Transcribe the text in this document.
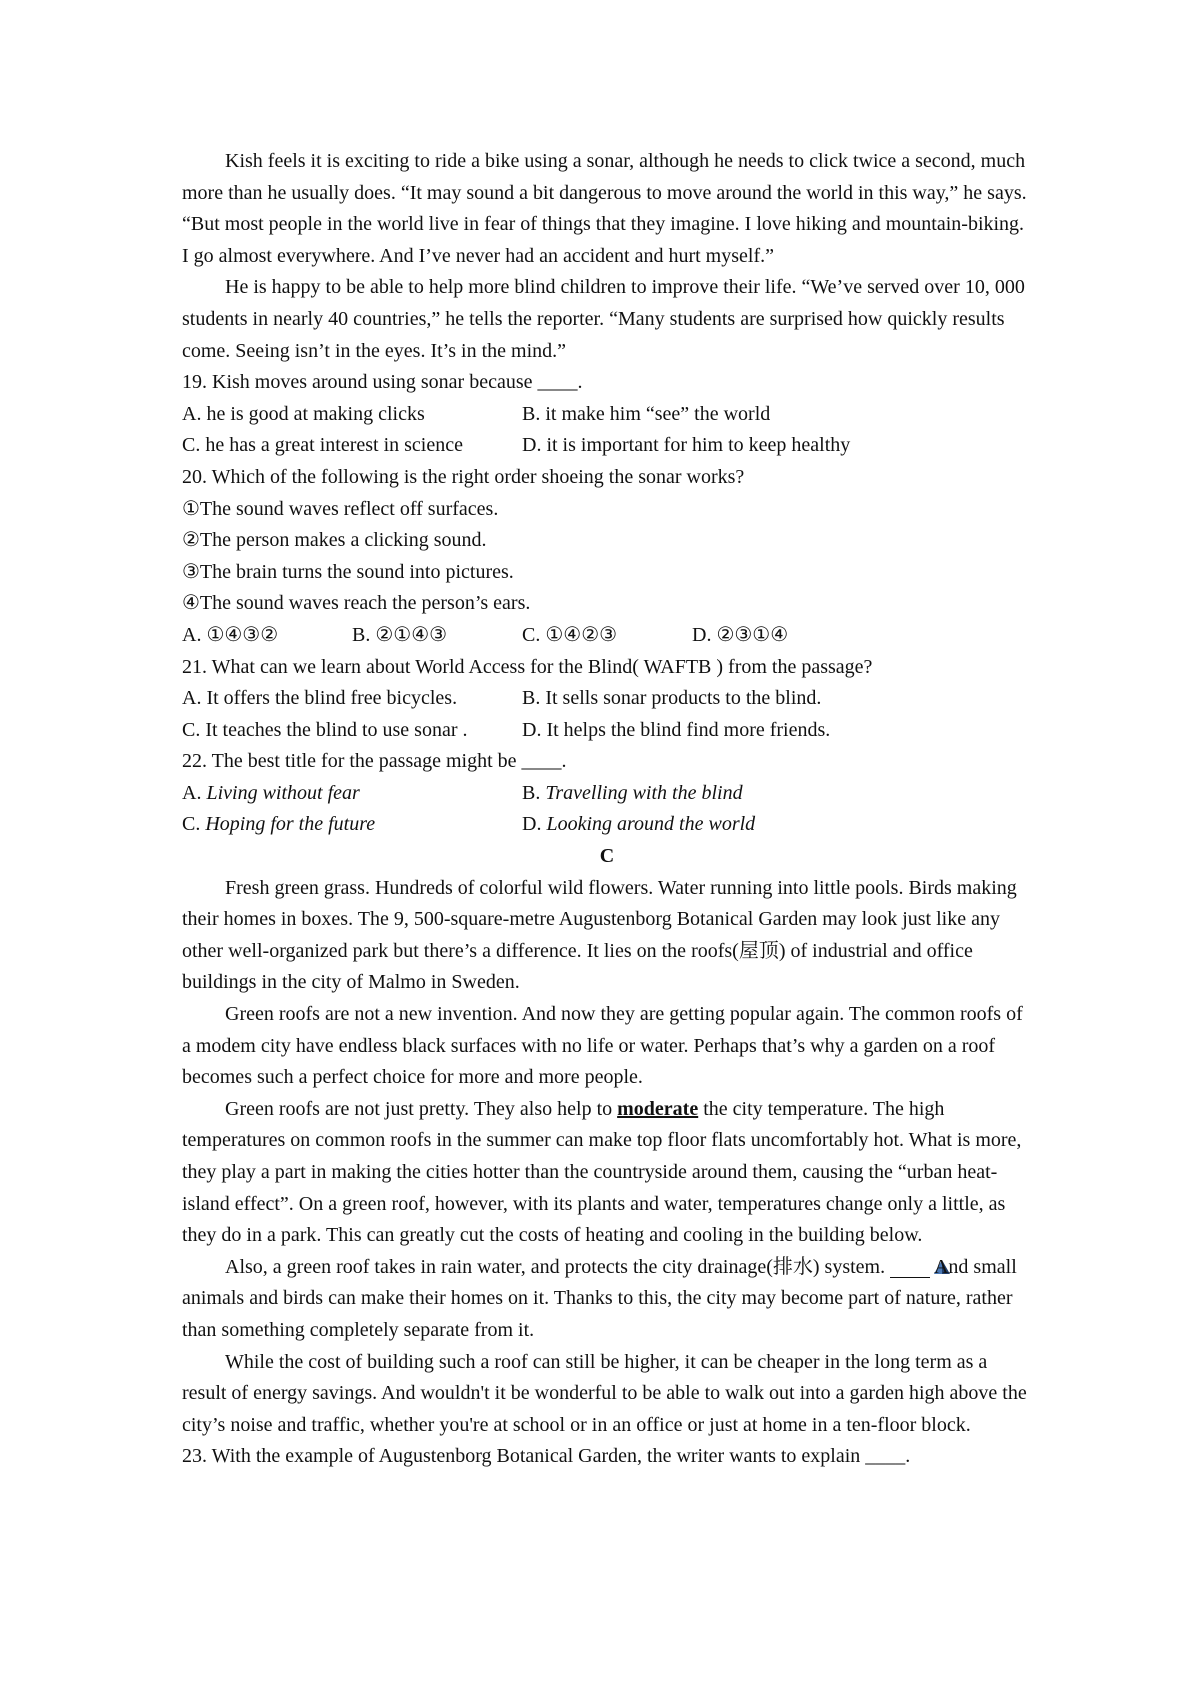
Kish feels it is exciting to ride a bike using a sonar, although he needs to click twice a second, much more than he usually does. “It may sound a bit dangerous to move around the world in this way,” he says. “But most people in the world live in fear of things that they imagine. I love hiking and mountain-biking. I go almost everywhere. And I’ve never had an accident and hurt myself.”

He is happy to be able to help more blind children to improve their life. “We’ve served over 10, 000 students in nearly 40 countries,” he tells the reporter. “Many students are surprised how quickly results come. Seeing isn’t in the eyes. It’s in the mind.”

19. Kish moves around using sonar because ____.

A. he is good at making clicks	B. it make him “see” the world
C. he has a great interest in science	D. it is important for him to keep healthy

20. Which of the following is the right order shoeing the sonar works?

①The sound waves reflect off surfaces.

②The person makes a clicking sound.

③The brain turns the sound into pictures.

④The sound waves reach the person’s ears.

A. ①④③②	B. ②①④③	C. ①④②③	D. ②③①④

21. What can we learn about World Access for the Blind( WAFTB ) from the passage?

A. It offers the blind free bicycles.	B. It sells sonar products to the blind.
C. It teaches the blind to use sonar .	D. It helps the blind find more friends.

22. The best title for the passage might be ____.

A. Living without fear	B. Travelling with the blind
C. Hoping for the future	D. Looking around the world

C

Fresh green grass. Hundreds of colorful wild flowers. Water running into little pools. Birds making their homes in boxes. The 9, 500-square-metre Augustenborg Botanical Garden may look just like any other well-organized park but there’s a difference. It lies on the roofs(屋顶) of industrial and office buildings in the city of Malmo in Sweden.

Green roofs are not a new invention. And now they are getting popular again. The common roofs of a modem city have endless black surfaces with no life or water. Perhaps that’s why a garden on a roof becomes such a perfect choice for more and more people.

Green roofs are not just pretty. They also help to moderate the city temperature. The high temperatures on common roofs in the summer can make top floor flats uncomfortably hot. What is more, they play a part in making the cities hotter than the countryside around them, causing the “urban heat-island effect”. On a green roof, however, with its plants and water, temperatures change only a little, as they do in a park. This can greatly cut the costs of heating and cooling in the building below.

Also, a green roof takes in rain water, and protects the city drainage(排水) system.  And small animals and birds can make their homes on it. Thanks to this, the city may become part of nature, rather than something completely separate from it.

While the cost of building such a roof can still be higher, it can be cheaper in the long term as a result of energy savings. And wouldn't it be wonderful to be able to walk out into a garden high above the city’s noise and traffic, whether you're at school or in an office or just at home in a ten-floor block.

23. With the example of Augustenborg Botanical Garden, the writer wants to explain ____.
